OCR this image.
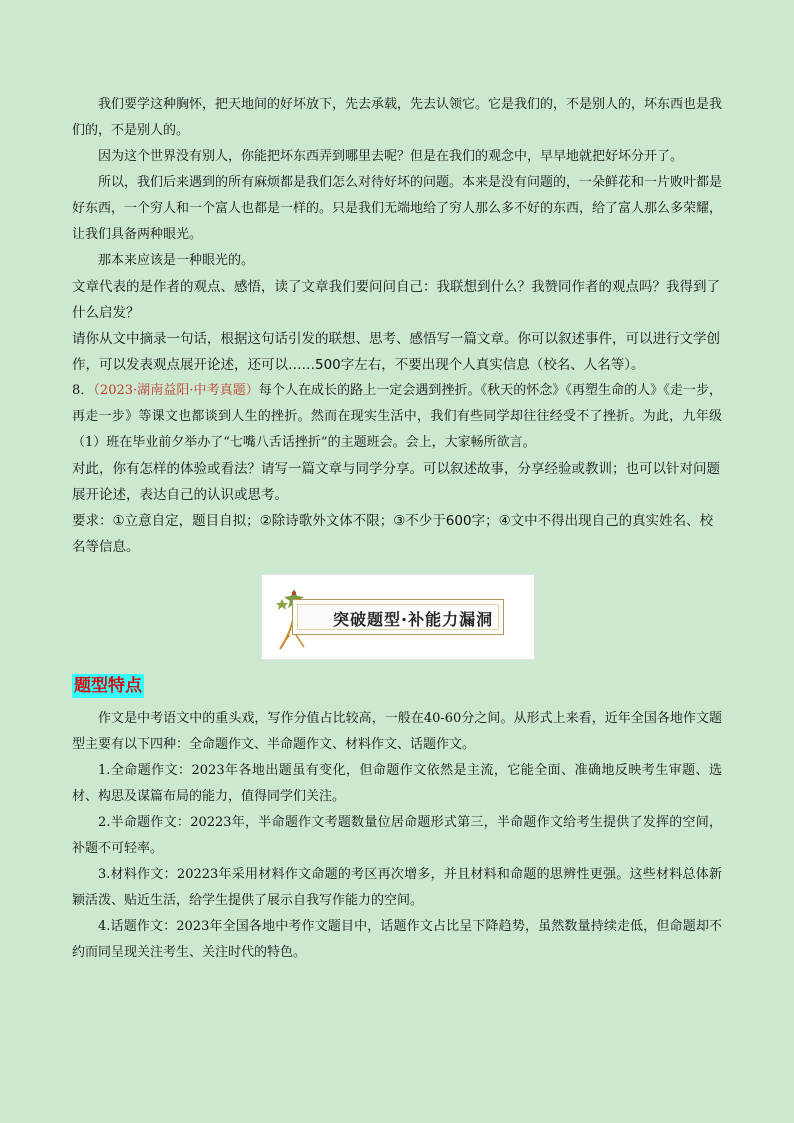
我们要学这种胸怀，把天地间的好坏放下，先去承载，先去认领它。它是我们的，不是别人的，坏东西也是我们的，不是别人的。

因为这个世界没有别人，你能把坏东西弄到哪里去呢？但是在我们的观念中，早早地就把好坏分开了。

所以，我们后来遇到的所有麻烦都是我们怎么对待好坏的问题。本来是没有问题的，一朵鲜花和一片败叶都是好东西，一个穷人和一个富人也都是一样的。只是我们无端地给了穷人那么多不好的东西，给了富人那么多荣耀，让我们具备两种眼光。

那本来应该是一种眼光的。

文章代表的是作者的观点、感悟，读了文章我们要问问自己：我联想到什么？我赞同作者的观点吗？我得到了什么启发？

请你从文中摘录一句话，根据这句话引发的联想、思考、感悟写一篇文章。你可以叙述事件，可以进行文学创作，可以发表观点展开论述，还可以……500字左右，不要出现个人真实信息（校名、人名等）。

8．（2023·湖南益阳·中考真题）每个人在成长的路上一定会遇到挫折。《秋天的怀念》《再塑生命的人》《走一步，再走一步》等课文也都谈到人生的挫折。然而在现实生活中，我们有些同学却往往经受不了挫折。为此，九年级（1）班在毕业前夕举办了“七嘴八舌话挫折”的主题班会。会上，大家畅所欲言。

对此，你有怎样的体验或看法？请写一篇文章与同学分享。可以叙述故事，分享经验或教训；也可以针对问题展开论述，表达自己的认识或思考。

要求：①立意自定，题目自拟；②除诗歌外文体不限；③不少于600字；④文中不得出现自己的真实姓名、校名等信息。

突破题型·补能力漏洞
题型特点

作文是中考语文中的重头戏，写作分值占比较高，一般在40-60分之间。从形式上来看，近年全国各地作文题型主要有以下四种：全命题作文、半命题作文、材料作文、话题作文。

1.全命题作文：2023年各地出题虽有变化，但命题作文依然是主流，它能全面、准确地反映考生审题、选材、构思及谋篇布局的能力，值得同学们关注。

2.半命题作文：20223年，半命题作文考题数量位居命题形式第三，半命题作文给考生提供了发挥的空间，补题不可轻率。

3.材料作文：20223年采用材料作文命题的考区再次增多，并且材料和命题的思辨性更强。这些材料总体新颖活泼、贴近生活，给学生提供了展示自我写作能力的空间。

4.话题作文：2023年全国各地中考作文题目中，话题作文占比呈下降趋势，虽然数量持续走低，但命题却不约而同呈现关注考生、关注时代的特色。
